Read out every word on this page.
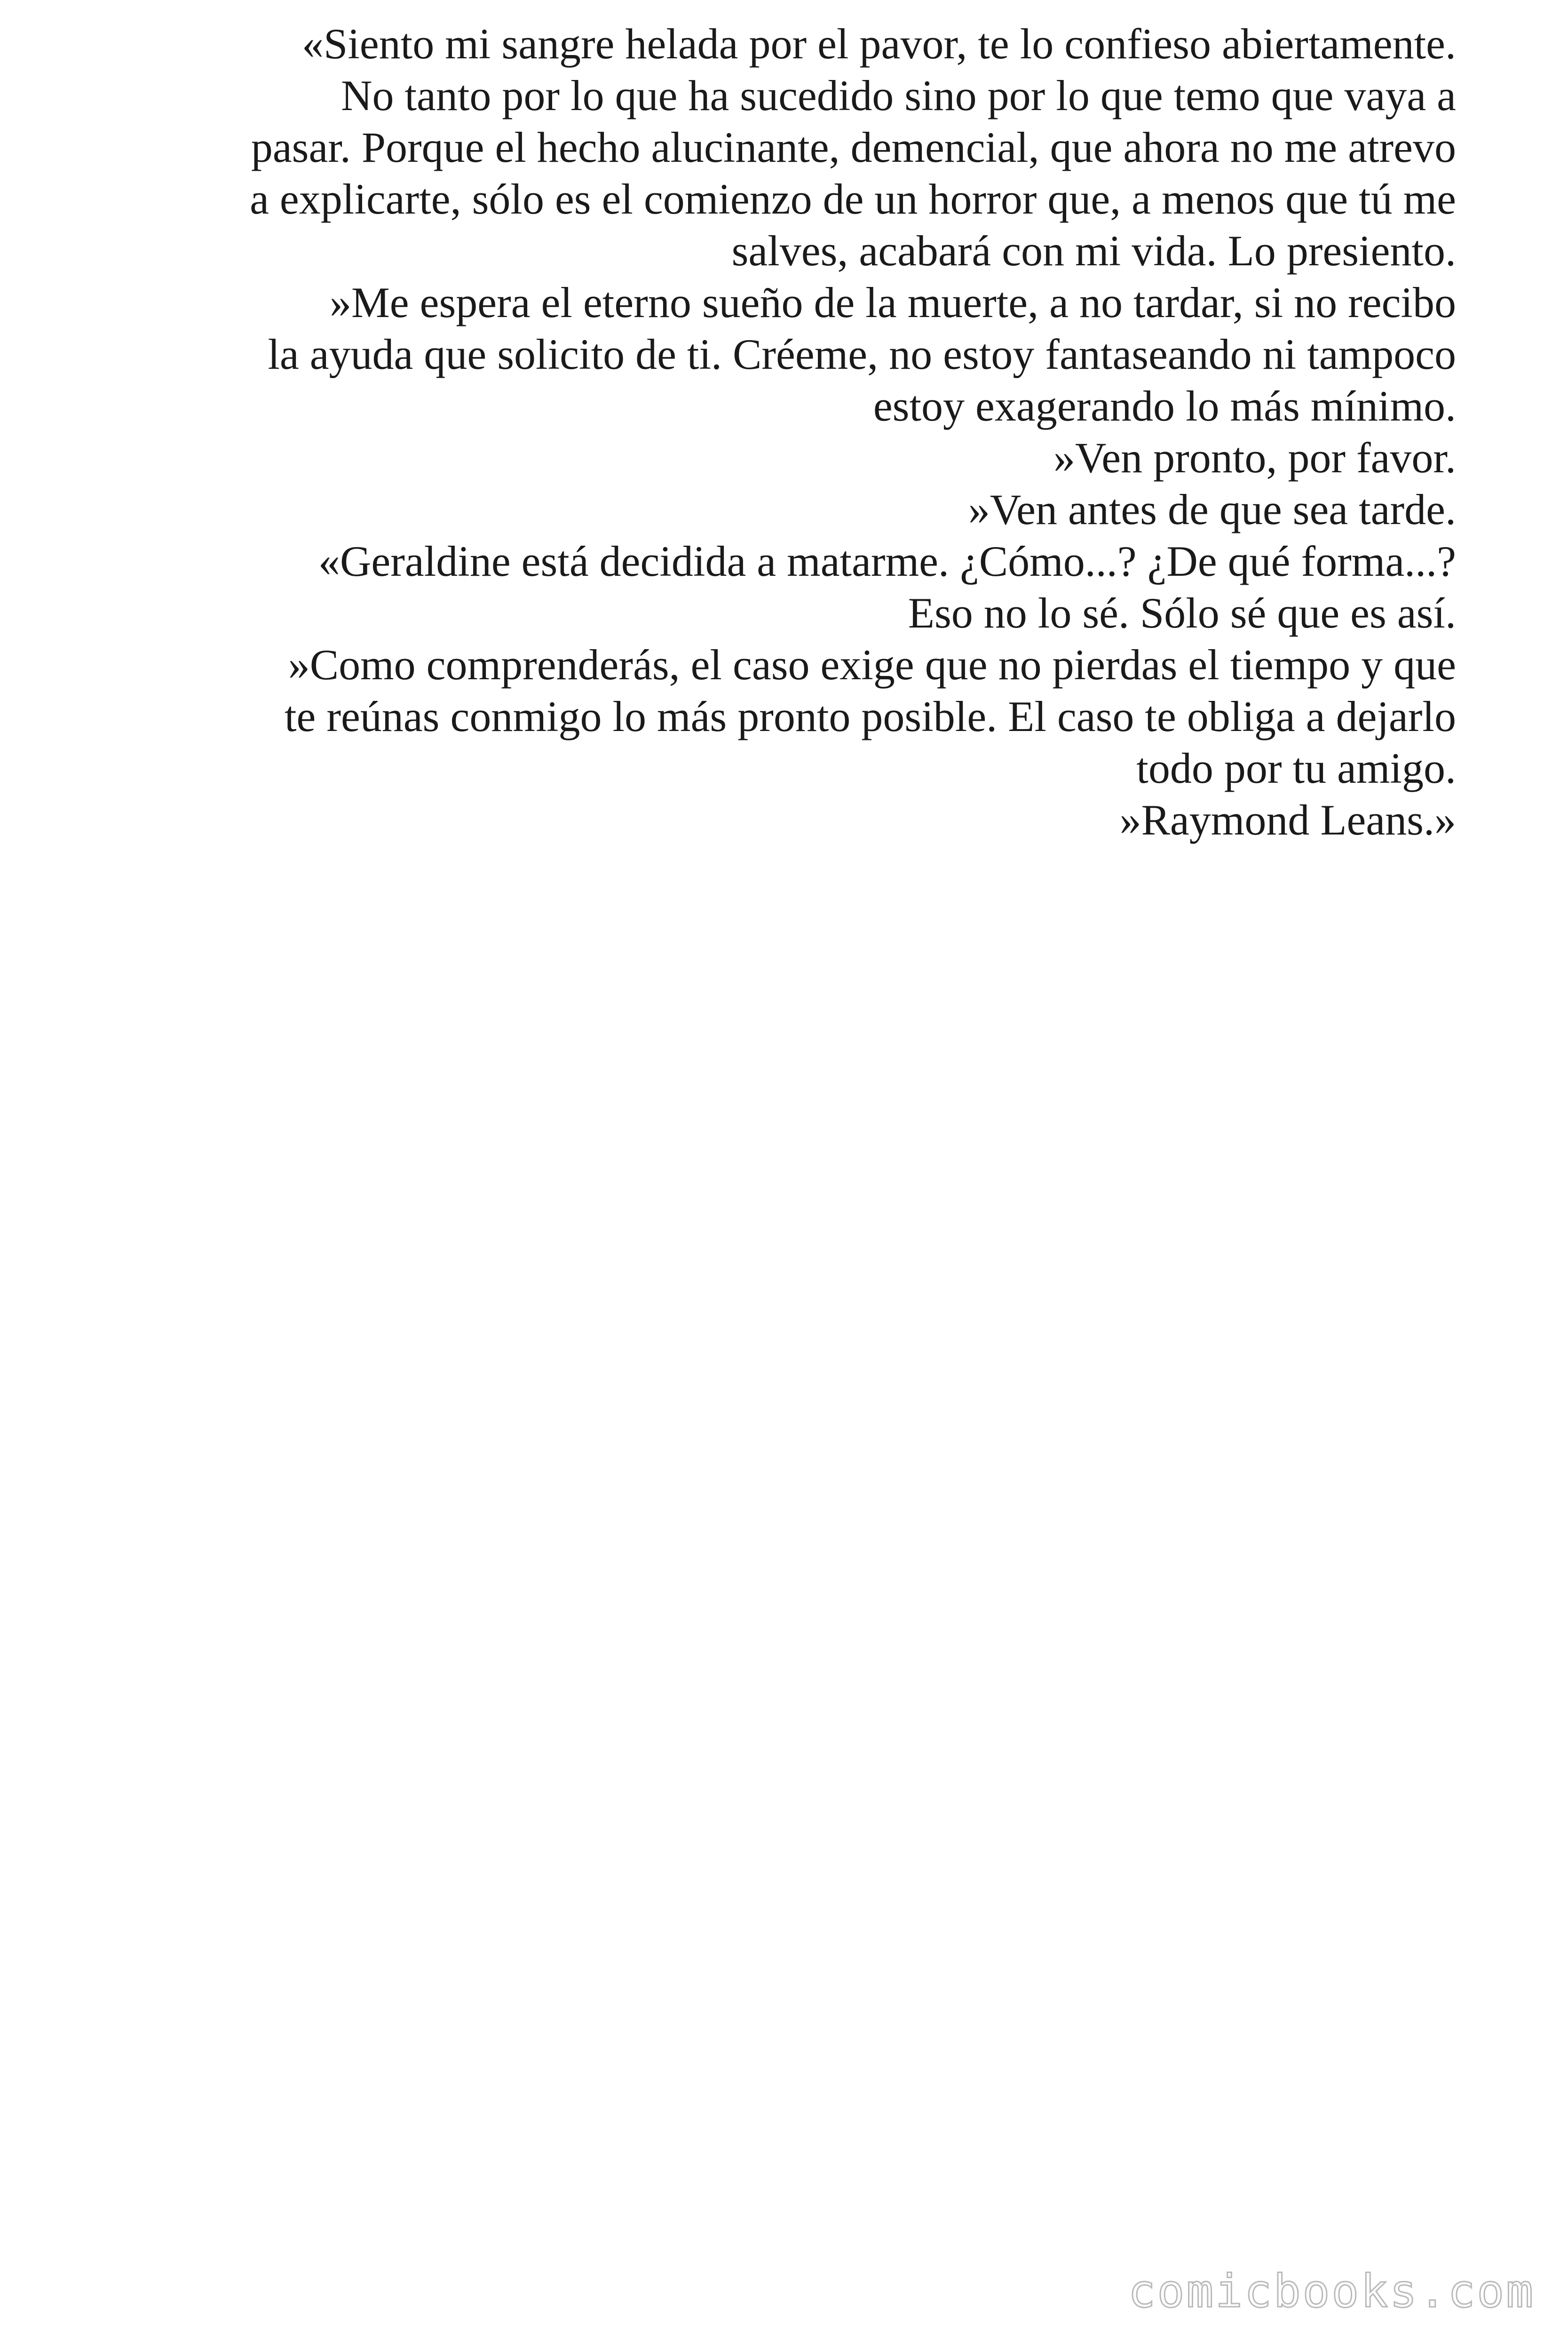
«Siento mi sangre helada por el pavor, te lo confieso abiertamente.
No tanto por lo que ha sucedido sino por lo que temo que vaya a
pasar. Porque el hecho alucinante, demencial, que ahora no me atrevo
a explicarte, sólo es el comienzo de un horror que, a menos que tú me
salves, acabará con mi vida. Lo presiento.
»Me espera el eterno sueño de la muerte, a no tardar, si no recibo
la ayuda que solicito de ti. Créeme, no estoy fantaseando ni tampoco
estoy exagerando lo más mínimo.
»Ven pronto, por favor.
»Ven antes de que sea tarde.
«Geraldine está decidida a matarme. ¿Cómo...? ¿De qué forma...?
Eso no lo sé. Sólo sé que es así.
»Como comprenderás, el caso exige que no pierdas el tiempo y que
te reúnas conmigo lo más pronto posible. El caso te obliga a dejarlo
todo por tu amigo.
»Raymond Leans.»
comicbooks.com
